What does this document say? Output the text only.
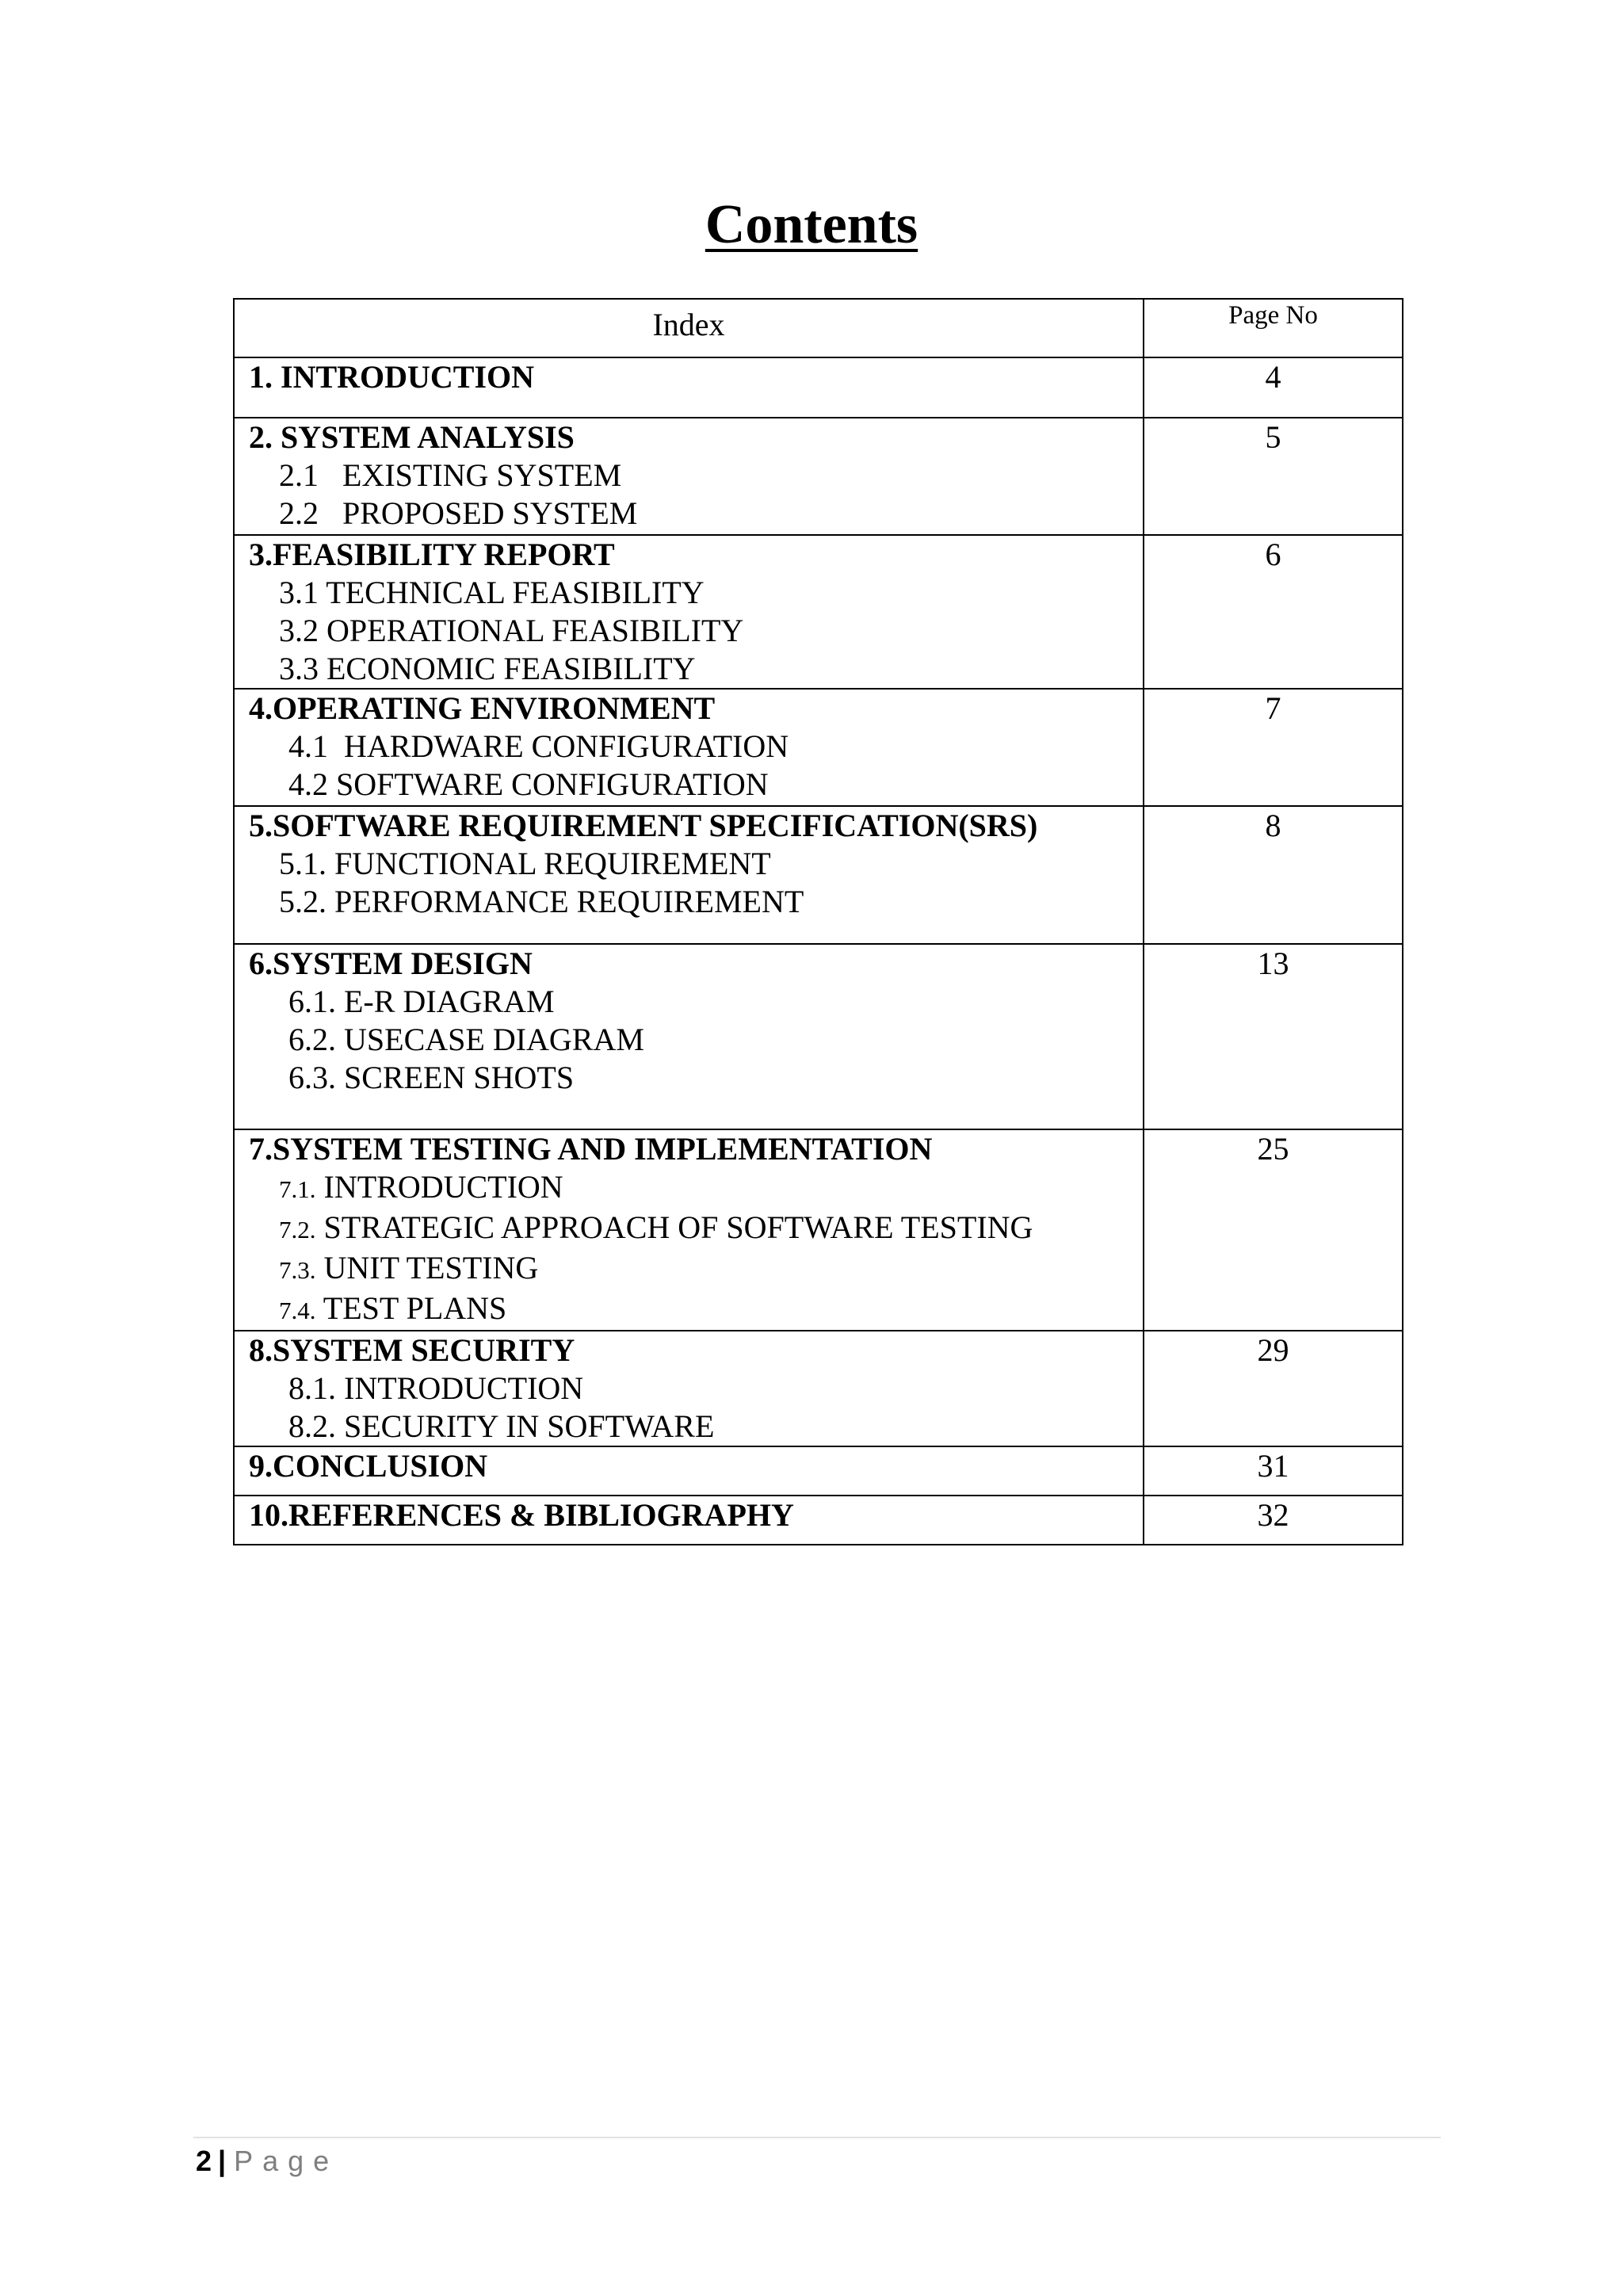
Contents
Index	Page No

1. INTRODUCTION	4

2. SYSTEM ANALYSIS
2.1   EXISTING SYSTEM
2.2   PROPOSED SYSTEM	5

3.FEASIBILITY REPORT
3.1 TECHNICAL FEASIBILITY
3.2 OPERATIONAL FEASIBILITY
3.3 ECONOMIC FEASIBILITY	6

4.OPERATING ENVIRONMENT
4.1  HARDWARE CONFIGURATION
4.2 SOFTWARE CONFIGURATION	7

5.SOFTWARE REQUIREMENT SPECIFICATION(SRS)
5.1. FUNCTIONAL REQUIREMENT
5.2. PERFORMANCE REQUIREMENT	8

6.SYSTEM DESIGN
6.1. E-R DIAGRAM
6.2. USECASE DIAGRAM
6.3. SCREEN SHOTS	13

7.SYSTEM TESTING AND IMPLEMENTATION
7.1. INTRODUCTION
7.2. STRATEGIC APPROACH OF SOFTWARE TESTING
7.3. UNIT TESTING
7.4. TEST PLANS	25

8.SYSTEM SECURITY
8.1. INTRODUCTION
8.2. SECURITY IN SOFTWARE	29

9.CONCLUSION	31

10.REFERENCES & BIBLIOGRAPHY	32
2 | Page
